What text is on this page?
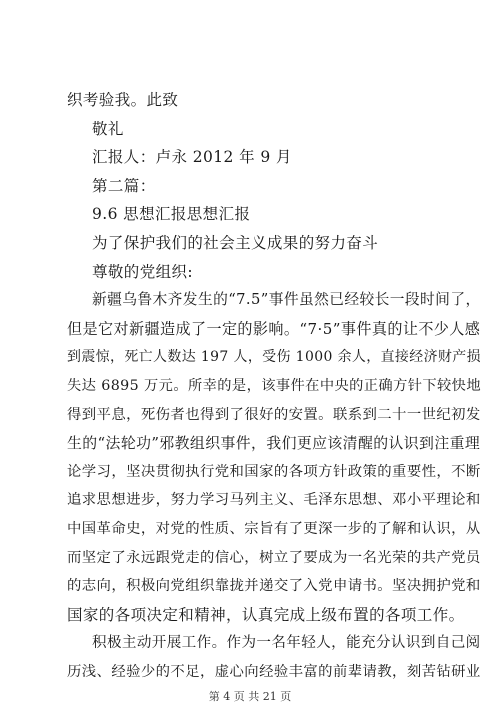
织考验我。此致
敬礼
汇报人：卢永 2012 年 9 月
第二篇：
9.6 思想汇报思想汇报
为了保护我们的社会主义成果的努力奋斗
尊敬的党组织:
新疆乌鲁木齐发生的“7.5”事件虽然已经较长一段时间了，
但是它对新疆造成了一定的影响。“7·5”事件真的让不少人感
到震惊，死亡人数达 197 人，受伤 1000 余人，直接经济财产损
失达 6895 万元。所幸的是，该事件在中央的正确方针下较快地
得到平息，死伤者也得到了很好的安置。联系到二十一世纪初发
生的“法轮功”邪教组织事件，我们更应该清醒的认识到注重理
论学习，坚决贯彻执行党和国家的各项方针政策的重要性，不断
追求思想进步，努力学习马列主义、毛泽东思想、邓小平理论和
中国革命史，对党的性质、宗旨有了更深一步的了解和认识，从
而坚定了永远跟党走的信心，树立了要成为一名光荣的共产党员
的志向，积极向党组织靠拢并递交了入党申请书。坚决拥护党和
国家的各项决定和精神，认真完成上级布置的各项工作。
积极主动开展工作。作为一名年轻人，能充分认识到自己阅
历浅、经验少的不足，虚心向经验丰富的前辈请教，刻苦钻研业
第 4 页 共 21 页
